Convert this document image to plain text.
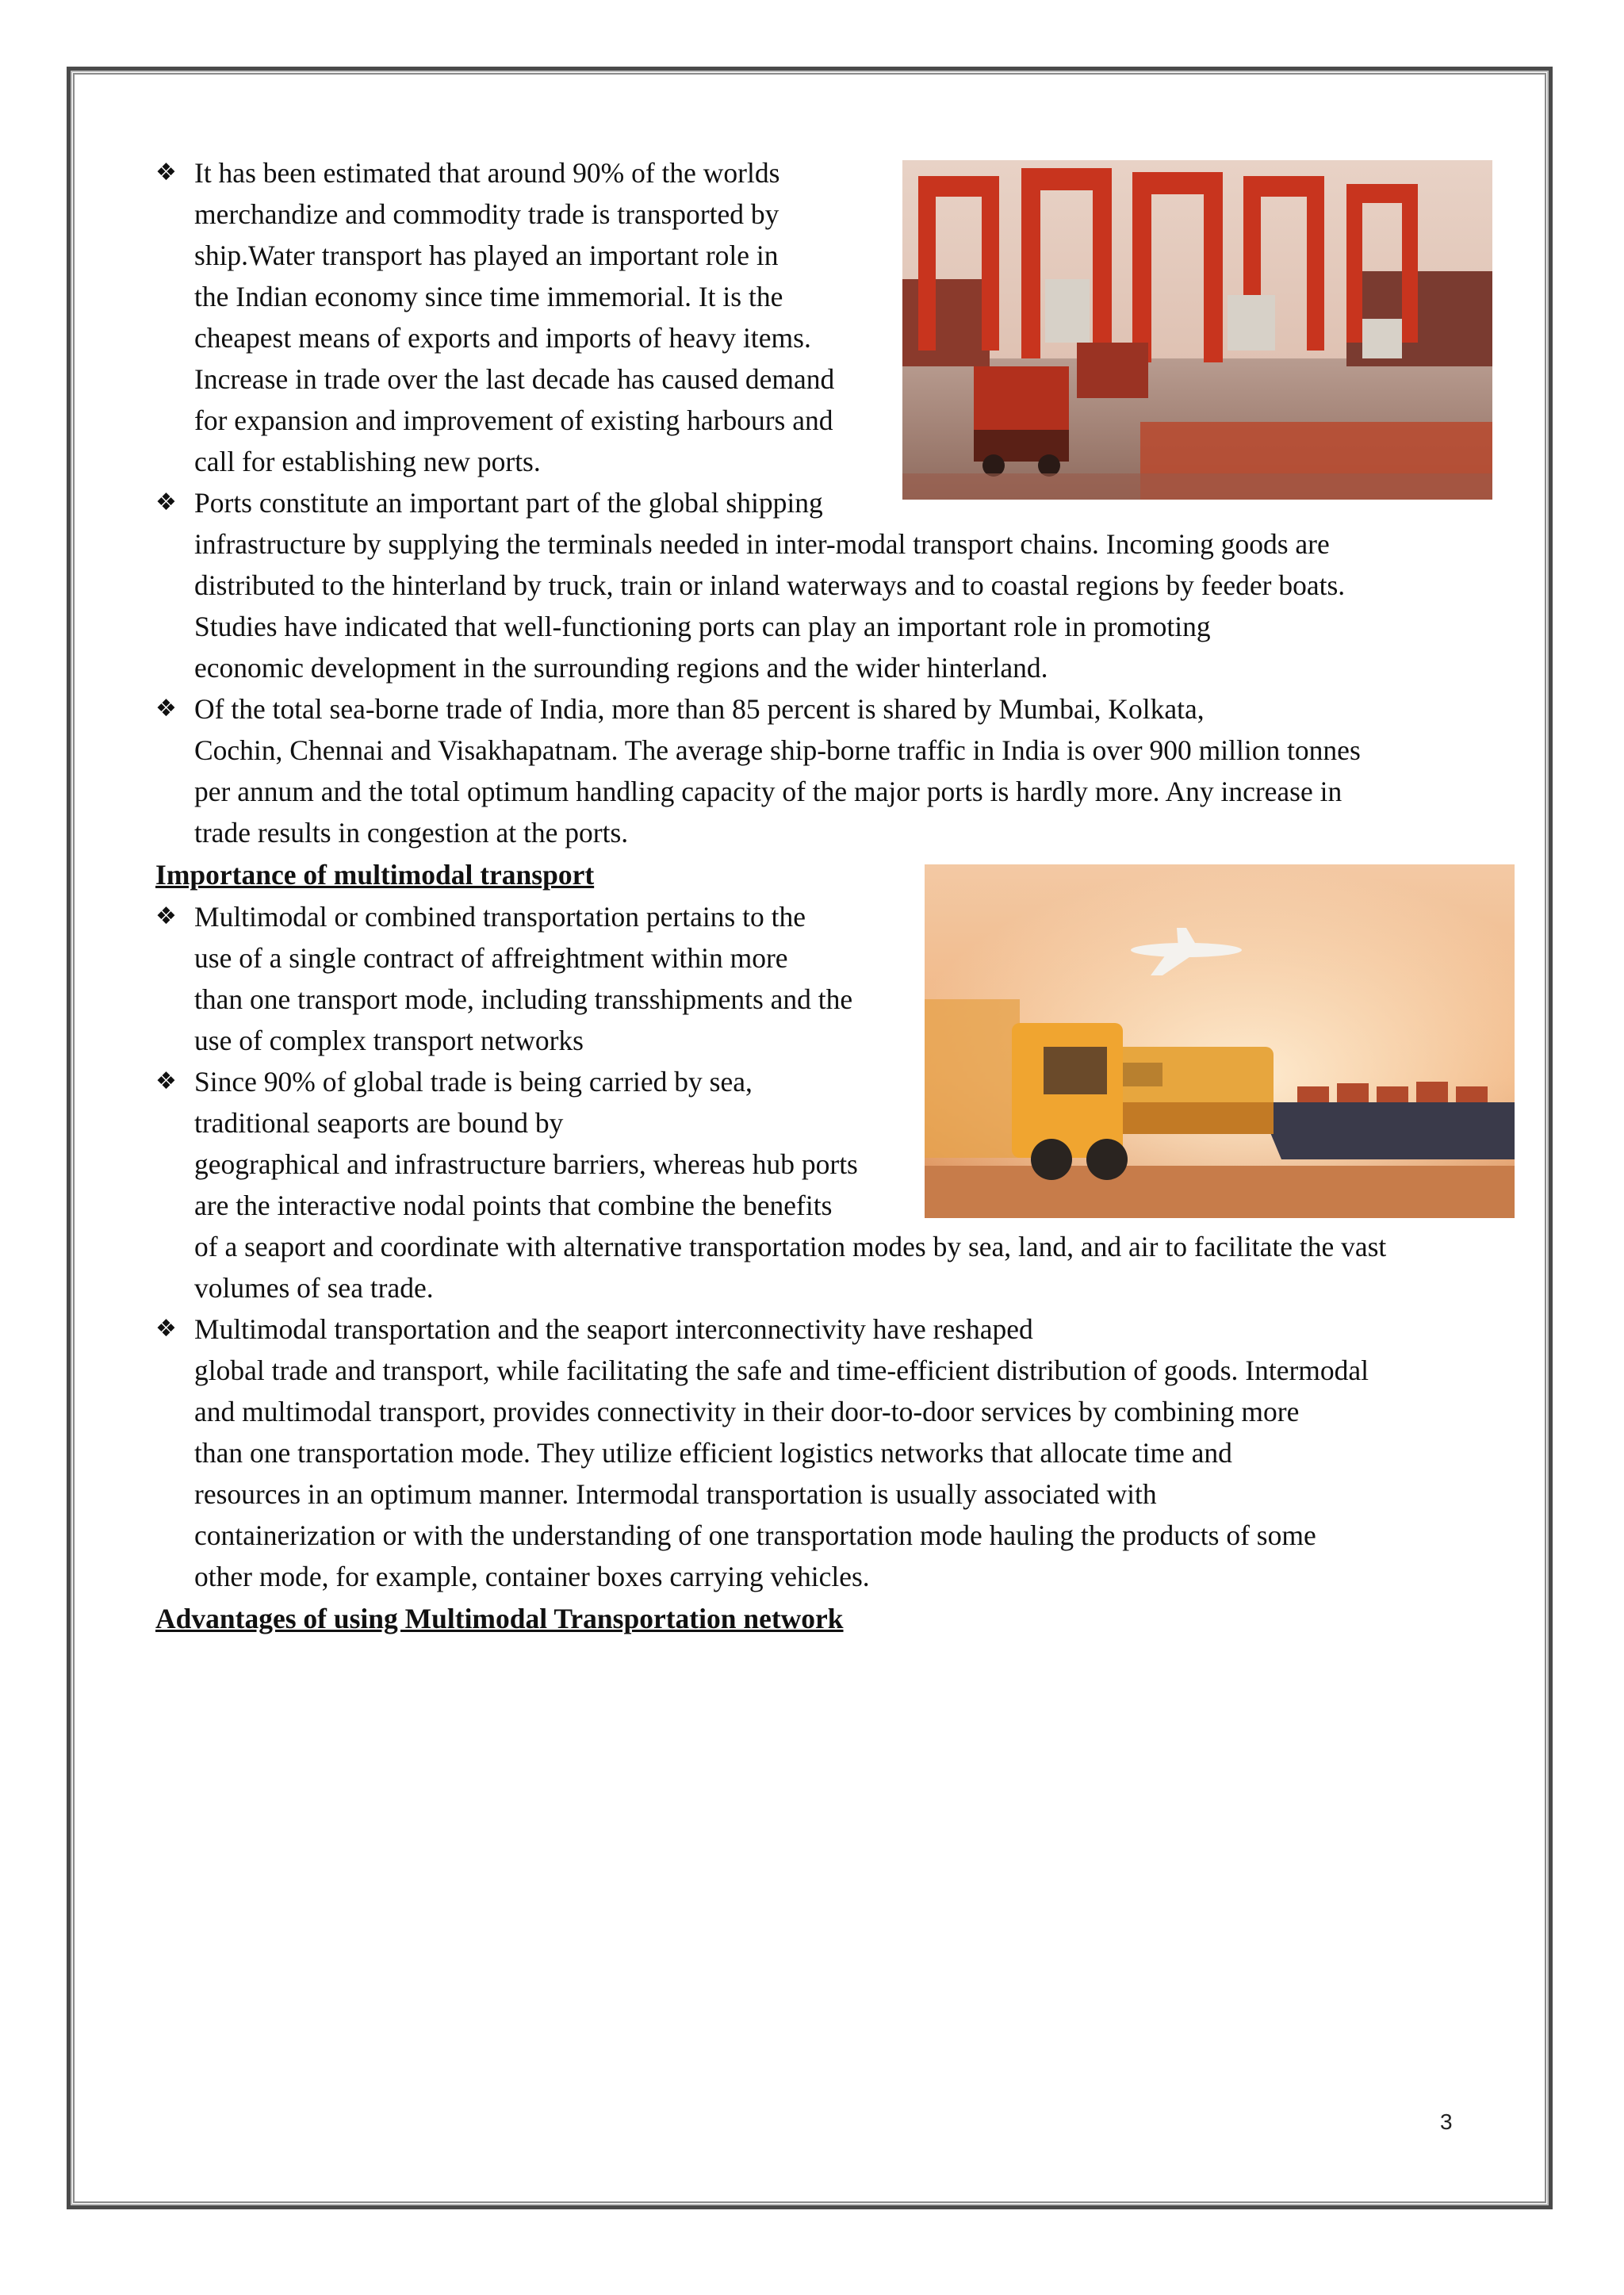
❖ It has been estimated that around 90% of the worlds
merchandize and commodity trade is transported by
ship.Water transport has played an important role in
the Indian economy since time immemorial. It is the
cheapest means of exports and imports of heavy items.
Increase in trade over the last decade has caused demand
for expansion and improvement of existing harbours and
call for establishing new ports.
❖ Ports constitute an important part of the global shipping
infrastructure by supplying the terminals needed in inter-modal transport chains. Incoming goods are
distributed to the hinterland by truck, train or inland waterways and to coastal regions by feeder boats.
Studies have indicated that well-functioning ports can play an important role in promoting
economic development in the surrounding regions and the wider hinterland.
❖ Of the total sea-borne trade of India, more than 85 percent is shared by Mumbai, Kolkata,
Cochin, Chennai and Visakhapatnam. The average ship-borne traffic in India is over 900 million tonnes
per annum and the total optimum handling capacity of the major ports is hardly more. Any increase in
trade results in congestion at the ports.

Importance of multimodal transport

❖ Multimodal or combined transportation pertains to the
use of a single contract of affreightment within more
than one transport mode, including transshipments and the
use of complex transport networks
❖ Since 90% of global trade is being carried by sea,
traditional seaports are bound by
geographical and infrastructure barriers, whereas hub ports
are the interactive nodal points that combine the benefits
of a seaport and coordinate with alternative transportation modes by sea, land, and air to facilitate the vast
volumes of sea trade.
❖ Multimodal transportation and the seaport interconnectivity have reshaped
global trade and transport, while facilitating the safe and time-efficient distribution of goods. Intermodal
and multimodal transport, provides connectivity in their door-to-door services by combining more
than one transportation mode. They utilize efficient logistics networks that allocate time and
resources in an optimum manner. Intermodal transportation is usually associated with
containerization or with the understanding of one transportation mode hauling the products of some
other mode, for example, container boxes carrying vehicles.

Advantages of using Multimodal Transportation network

3
